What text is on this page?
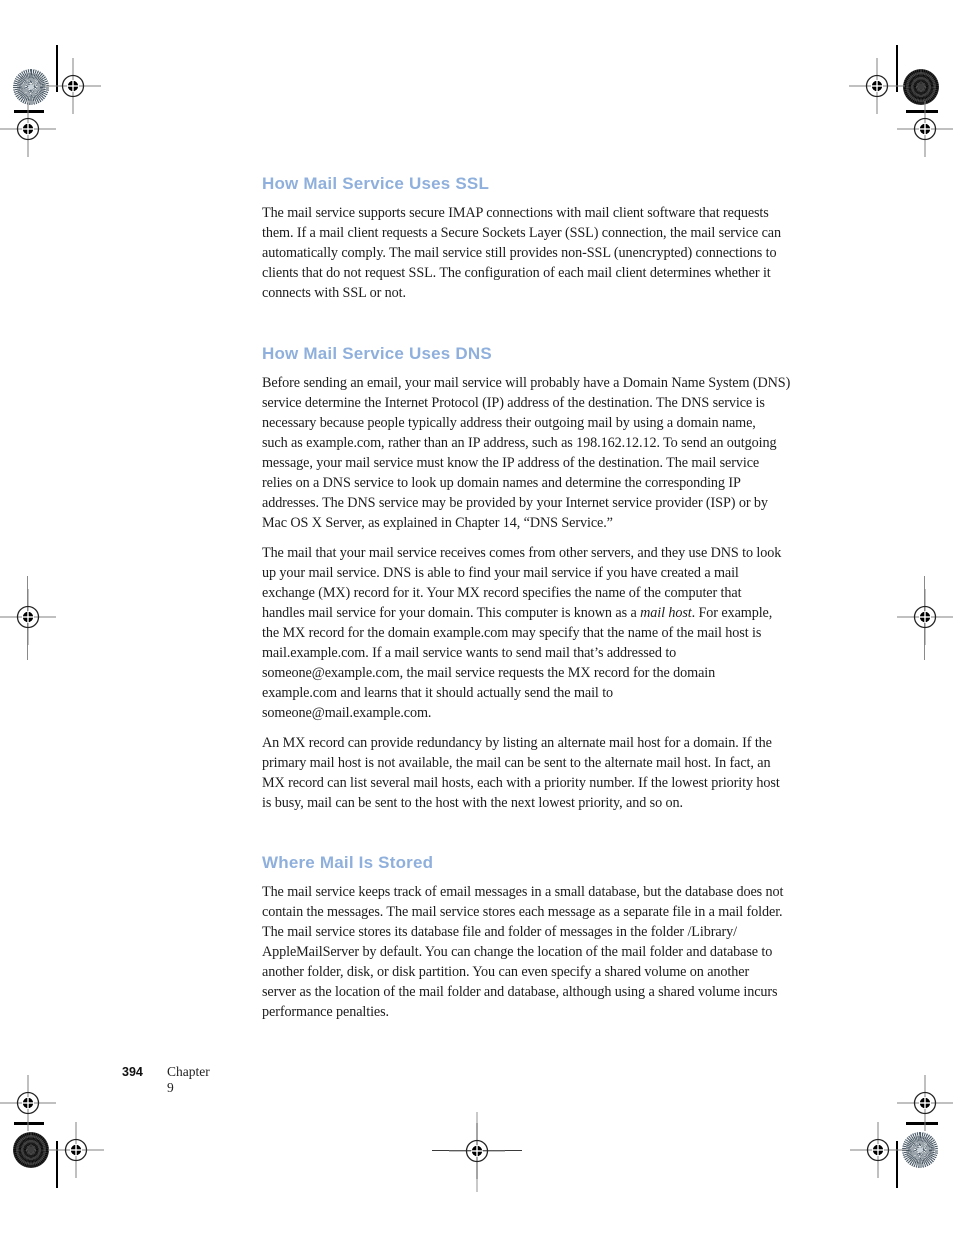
How Mail Service Uses SSL
The mail service supports secure IMAP connections with mail client software that requests
them. If a mail client requests a Secure Sockets Layer (SSL) connection, the mail service can
automatically comply. The mail service still provides non-SSL (unencrypted) connections to
clients that do not request SSL. The configuration of each mail client determines whether it
connects with SSL or not.
How Mail Service Uses DNS
Before sending an email, your mail service will probably have a Domain Name System (DNS)
service determine the Internet Protocol (IP) address of the destination. The DNS service is
necessary because people typically address their outgoing mail by using a domain name,
such as example.com, rather than an IP address, such as 198.162.12.12. To send an outgoing
message, your mail service must know the IP address of the destination. The mail service
relies on a DNS service to look up domain names and determine the corresponding IP
addresses. The DNS service may be provided by your Internet service provider (ISP) or by
Mac OS X Server, as explained in Chapter 14, “DNS Service.”
The mail that your mail service receives comes from other servers, and they use DNS to look
up your mail service. DNS is able to find your mail service if you have created a mail
exchange (MX) record for it. Your MX record specifies the name of the computer that
handles mail service for your domain. This computer is known as a mail host. For example,
the MX record for the domain example.com may specify that the name of the mail host is
mail.example.com. If a mail service wants to send mail that’s addressed to
someone@example.com, the mail service requests the MX record for the domain
example.com and learns that it should actually send the mail to
someone@mail.example.com.
An MX record can provide redundancy by listing an alternate mail host for a domain. If the
primary mail host is not available, the mail can be sent to the alternate mail host. In fact, an
MX record can list several mail hosts, each with a priority number. If the lowest priority host
is busy, mail can be sent to the host with the next lowest priority, and so on.
Where Mail Is Stored
The mail service keeps track of email messages in a small database, but the database does not
contain the messages. The mail service stores each message as a separate file in a mail folder.
The mail service stores its database file and folder of messages in the folder /Library/
AppleMailServer by default. You can change the location of the mail folder and database to
another folder, disk, or disk partition. You can even specify a shared volume on another
server as the location of the mail folder and database, although using a shared volume incurs
performance penalties.
394 Chapter 9
